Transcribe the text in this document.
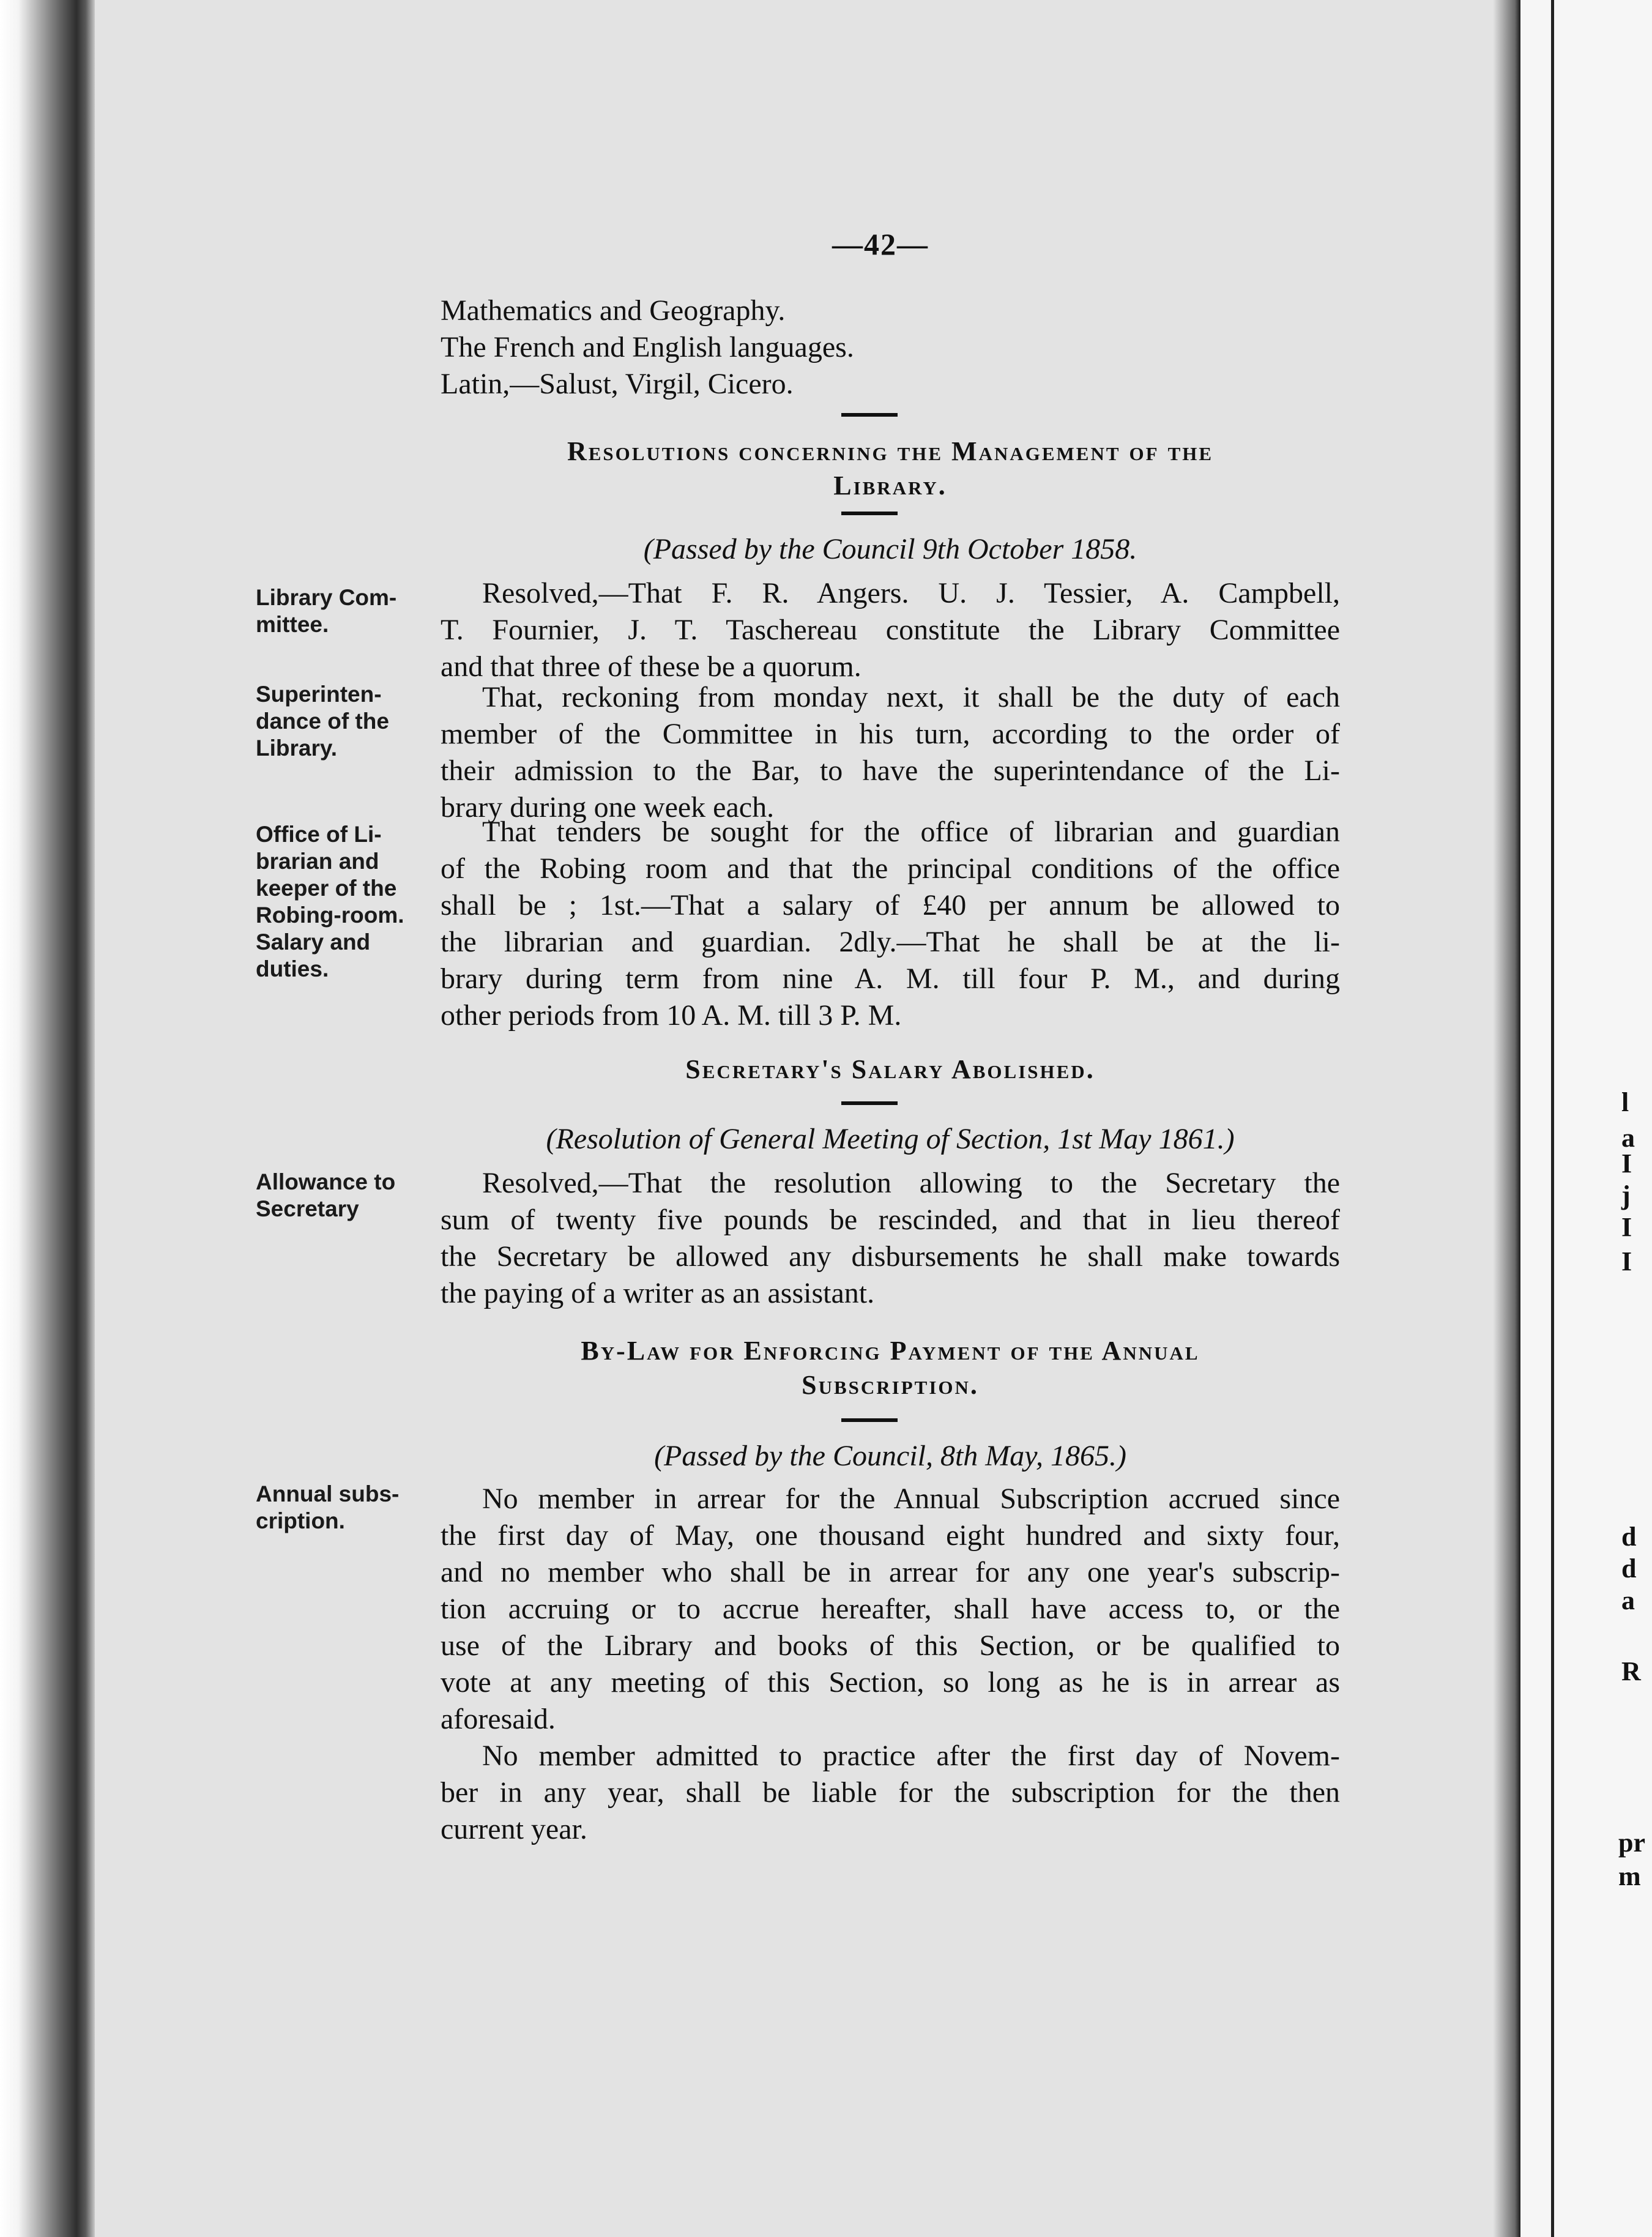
l
a
I
j
I
I
d
d
a
R
pr
m
—42—
Mathematics and Geography.
The French and English languages.
Latin,—Salust, Virgil, Cicero.
Resolutions concerning the Management of the
Library.
(Passed by the Council 9th October 1858.
Library Com-
mittee.
Resolved,—That F. R. Angers. U. J. Tessier, A. Campbell,
T. Fournier, J. T. Taschereau constitute the Library Committee
and that three of these be a quorum.
Superinten-
dance of the
Library.
That, reckoning from monday next, it shall be the duty of each
member of the Committee in his turn, according to the order of
their admission to the Bar, to have the superintendance of the Li-
brary during one week each.
Office of Li-
brarian and
keeper of the
Robing-room.
Salary and
duties.
That tenders be sought for the office of librarian and guardian
of the Robing room and that the principal conditions of the office
shall be ; 1st.—That a salary of £40 per annum be allowed to
the librarian and guardian. 2dly.—That he shall be at the li-
brary during term from nine A. M. till four P. M., and during
other periods from 10 A. M. till 3 P. M.
Secretary's Salary Abolished.
(Resolution of General Meeting of Section, 1st May 1861.)
Allowance to
Secretary
Resolved,—That the resolution allowing to the Secretary the
sum of twenty five pounds be rescinded, and that in lieu thereof
the Secretary be allowed any disbursements he shall make towards
the paying of a writer as an assistant.
By-Law for Enforcing Payment of the Annual
Subscription.
(Passed by the Council, 8th May, 1865.)
Annual subs-
cription.
No member in arrear for the Annual Subscription accrued since
the first day of May, one thousand eight hundred and sixty four,
and no member who shall be in arrear for any one year's subscrip-
tion accruing or to accrue hereafter, shall have access to, or the
use of the Library and books of this Section, or be qualified to
vote at any meeting of this Section, so long as he is in arrear as
aforesaid.
No member admitted to practice after the first day of Novem-
ber in any year, shall be liable for the subscription for the then
current year.
